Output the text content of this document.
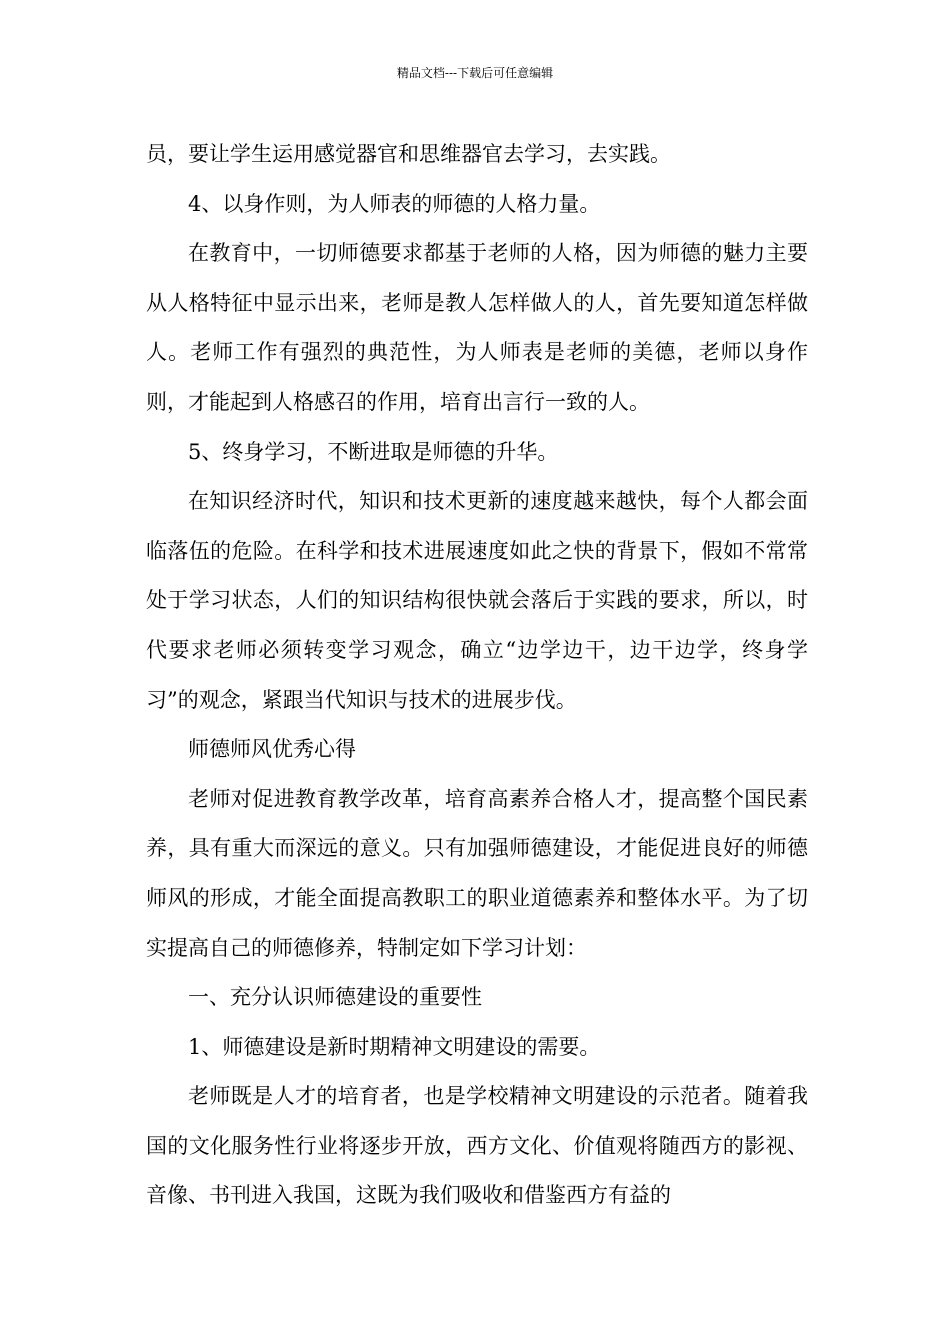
精品文档---下载后可任意编辑

员，要让学生运用感觉器官和思维器官去学习，去实践。

4、以身作则，为人师表的师德的人格力量。

在教育中，一切师德要求都基于老师的人格，因为师德的魅力主要从人格特征中显示出来，老师是教人怎样做人的人，首先要知道怎样做人。老师工作有强烈的典范性，为人师表是老师的美德，老师以身作则，才能起到人格感召的作用，培育出言行一致的人。

5、终身学习，不断进取是师德的升华。

在知识经济时代，知识和技术更新的速度越来越快，每个人都会面临落伍的危险。在科学和技术进展速度如此之快的背景下，假如不常常处于学习状态，人们的知识结构很快就会落后于实践的要求，所以，时代要求老师必须转变学习观念，确立“边学边干，边干边学，终身学习”的观念，紧跟当代知识与技术的进展步伐。

师德师风优秀心得

老师对促进教育教学改革，培育高素养合格人才，提高整个国民素养，具有重大而深远的意义。只有加强师德建设，才能促进良好的师德师风的形成，才能全面提高教职工的职业道德素养和整体水平。为了切实提高自己的师德修养，特制定如下学习计划：

一、充分认识师德建设的重要性

1、师德建设是新时期精神文明建设的需要。

老师既是人才的培育者，也是学校精神文明建设的示范者。随着我国的文化服务性行业将逐步开放，西方文化、价值观将随西方的影视、音像、书刊进入我国，这既为我们吸收和借鉴西方有益的
